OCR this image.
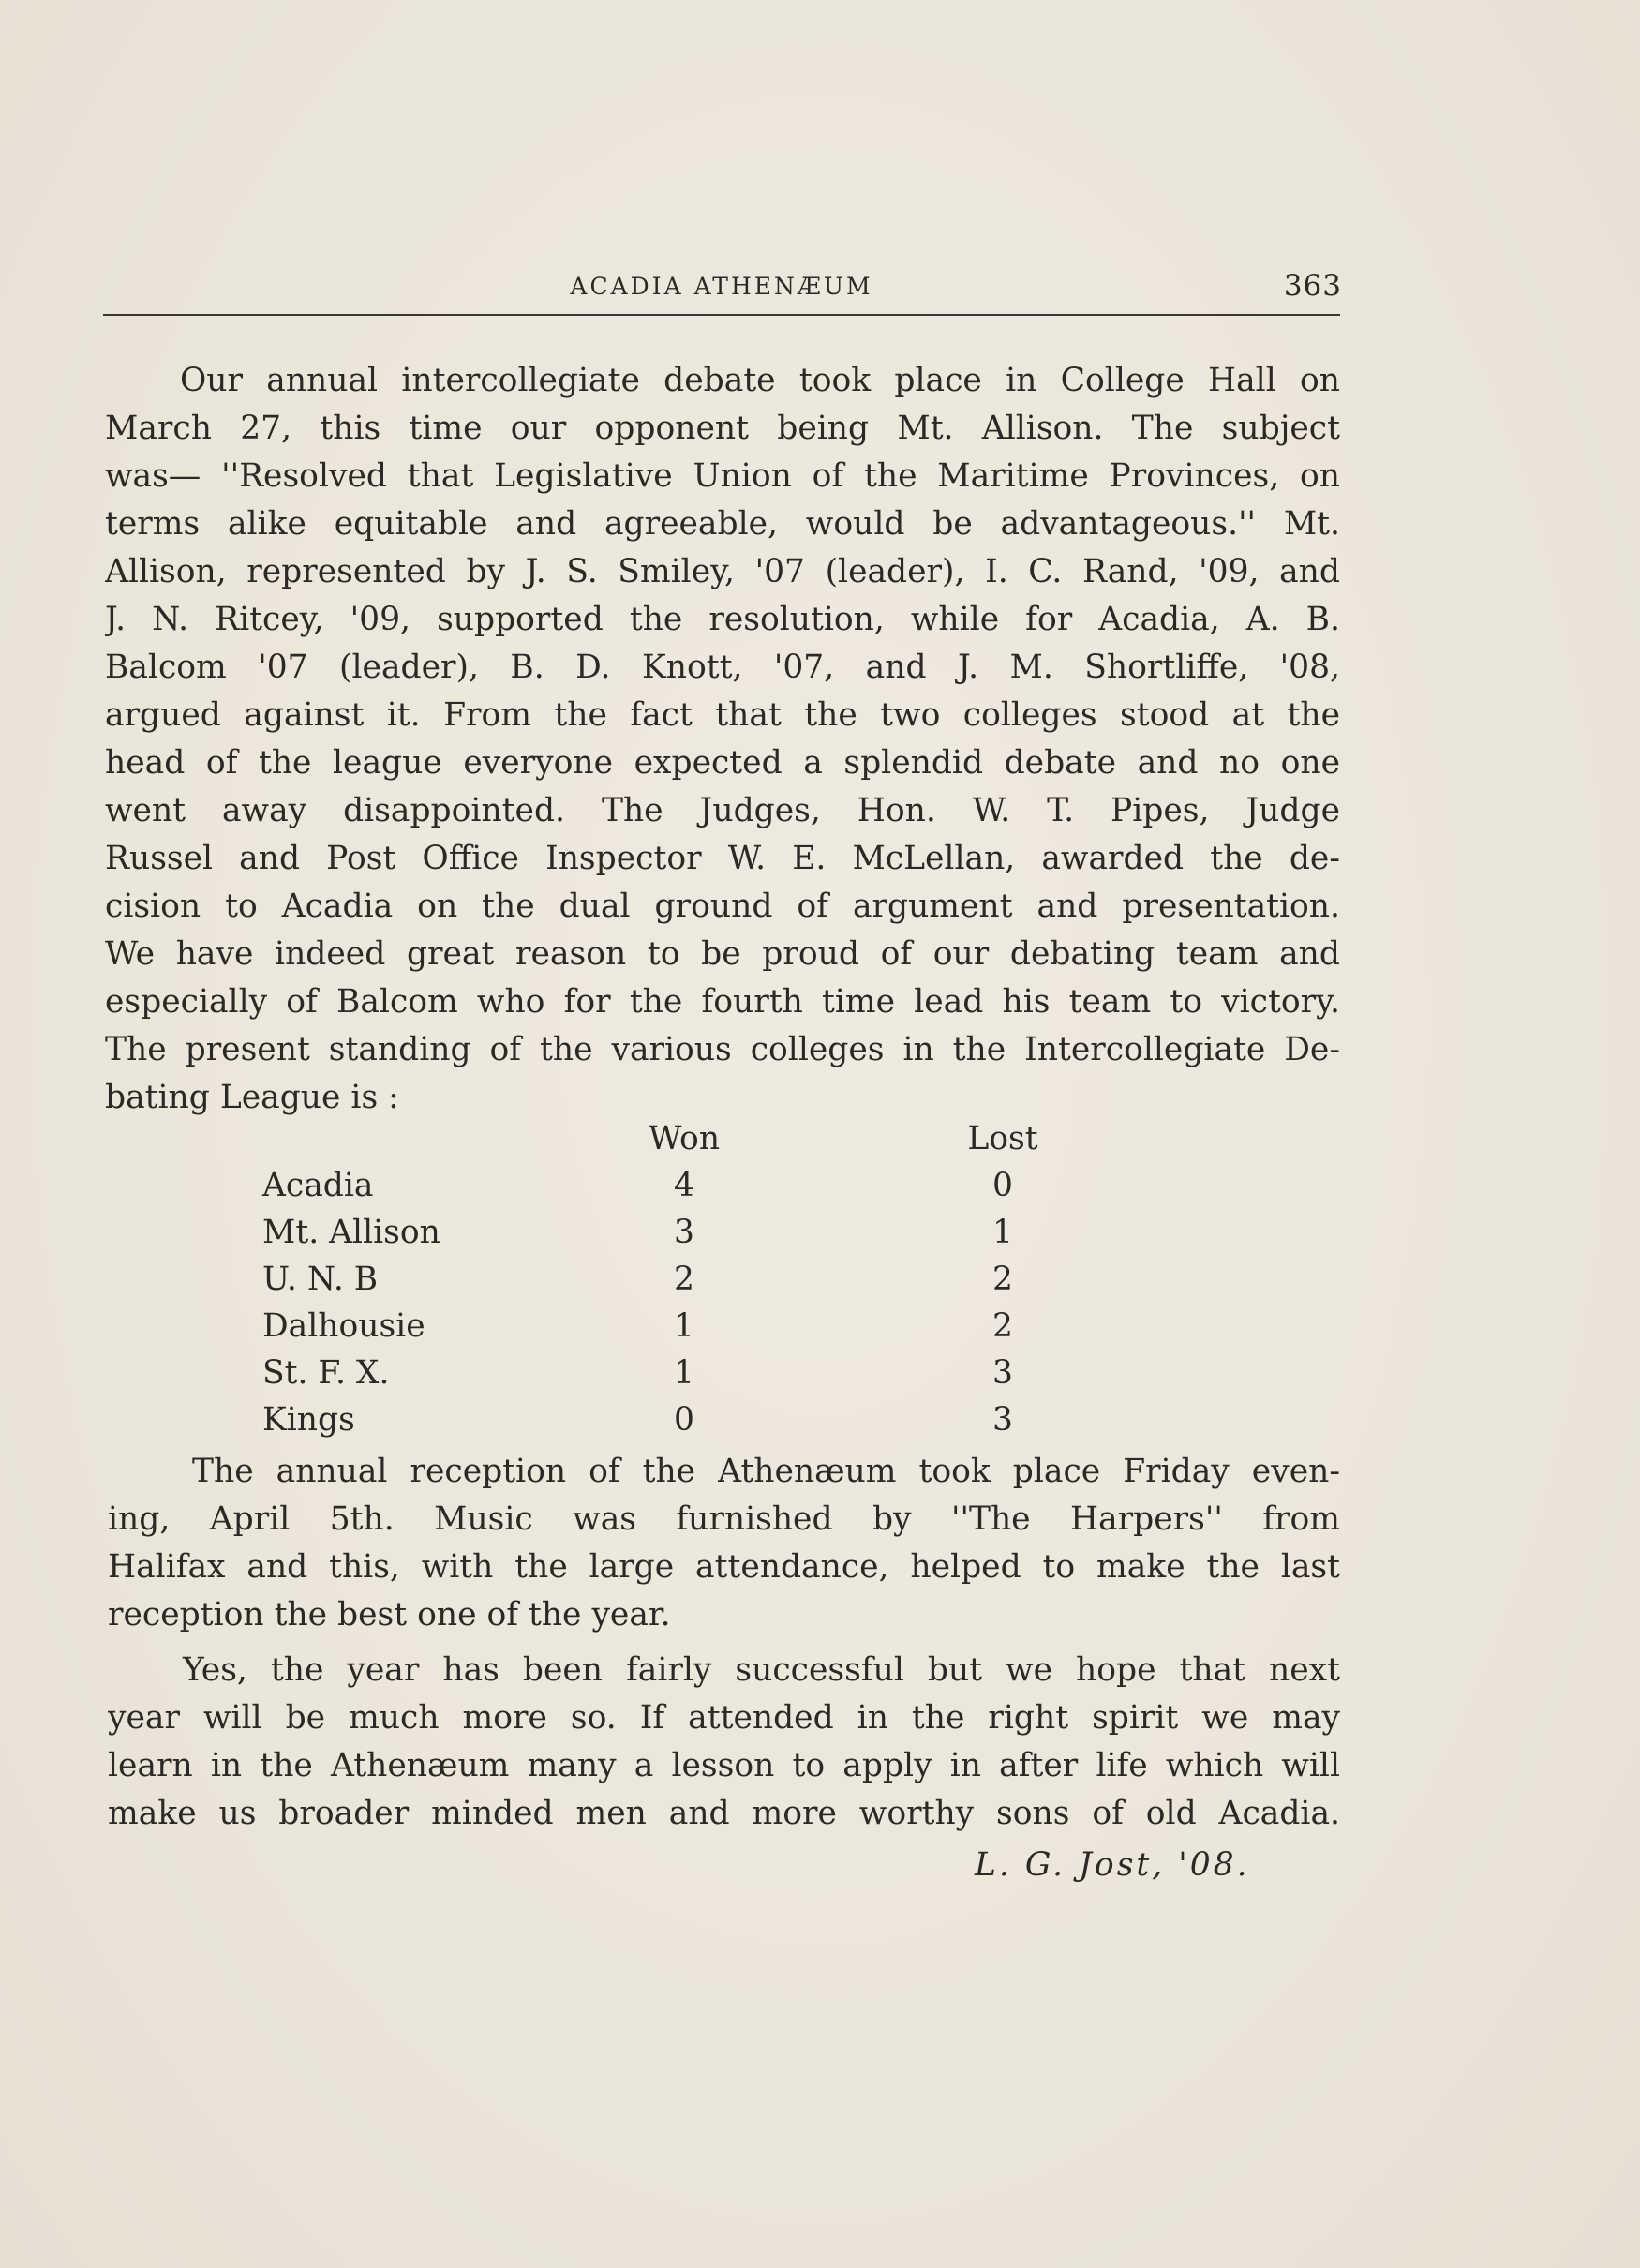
ACADIA ATHENÆUM	363
Our annual intercollegiate debate took place in College Hall on
March 27, this time our opponent being Mt. Allison. The subject
was— ''Resolved that Legislative Union of the Maritime Provinces, on
terms alike equitable and agreeable, would be advantageous.'' Mt.
Allison, represented by J. S. Smiley, '07 (leader), I. C. Rand, '09, and
J. N. Ritcey, '09, supported the resolution, while for Acadia, A. B.
Balcom '07 (leader), B. D. Knott, '07, and J. M. Shortliffe, '08,
argued against it. From the fact that the two colleges stood at the
head of the league everyone expected a splendid debate and no one
went away disappointed. The Judges, Hon. W. T. Pipes, Judge
Russel and Post Office Inspector W. E. McLellan, awarded the de-
cision to Acadia on the dual ground of argument and presentation.
We have indeed great reason to be proud of our debating team and
especially of Balcom who for the fourth time lead his team to victory.
The present standing of the various colleges in the Intercollegiate De-
bating League is :
Won	Lost
Acadia	4	0
Mt. Allison	3	1
U. N. B	2	2
Dalhousie	1	2
St. F. X.	1	3
Kings	0	3
The annual reception of the Athenæum took place Friday even-
ing, April 5th. Music was furnished by ''The Harpers'' from
Halifax and this, with the large attendance, helped to make the last
reception the best one of the year.
Yes, the year has been fairly successful but we hope that next
year will be much more so. If attended in the right spirit we may
learn in the Athenæum many a lesson to apply in after life which will
make us broader minded men and more worthy sons of old Acadia.
L. G. Jost, '08.
